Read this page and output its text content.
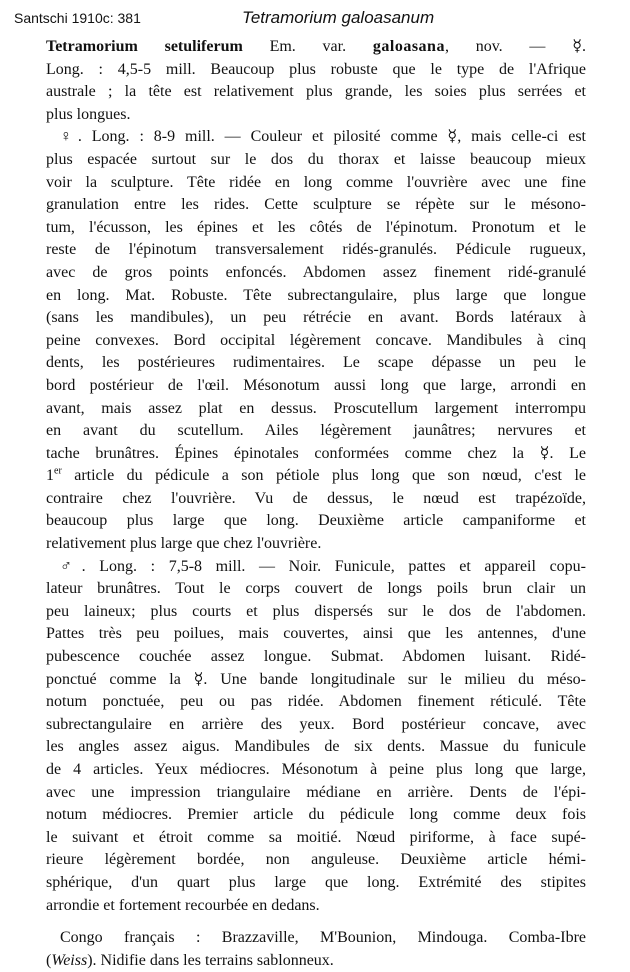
Santschi 1910c: 381	Tetramorium galoasanum
Tetramorium setuliferum Em. var. galoasana, nov. — ☿.
Long. : 4,5-5 mill. Beaucoup plus robuste que le type de l'Afrique
australe ; la tête est relativement plus grande, les soies plus serrées et
plus longues.
♀. Long. : 8-9 mill. — Couleur et pilosité comme ☿, mais celle-ci est
plus espacée surtout sur le dos du thorax et laisse beaucoup mieux
voir la sculpture. Tête ridée en long comme l'ouvrière avec une fine
granulation entre les rides. Cette sculpture se répète sur le mésono-
tum, l'écusson, les épines et les côtés de l'épinotum. Pronotum et le
reste de l'épinotum transversalement ridés-granulés. Pédicule rugueux,
avec de gros points enfoncés. Abdomen assez finement ridé-granulé
en long. Mat. Robuste. Tête subrectangulaire, plus large que longue
(sans les mandibules), un peu rétrécie en avant. Bords latéraux à
peine convexes. Bord occipital légèrement concave. Mandibules à cinq
dents, les postérieures rudimentaires. Le scape dépasse un peu le
bord postérieur de l'œil. Mésonotum aussi long que large, arrondi en
avant, mais assez plat en dessus. Proscutellum largement interrompu
en avant du scutellum. Ailes légèrement jaunâtres; nervures et
tache brunâtres. Épines épinotales conformées comme chez la ☿. Le
1er article du pédicule a son pétiole plus long que son nœud, c'est le
contraire chez l'ouvrière. Vu de dessus, le nœud est trapézoïde,
beaucoup plus large que long. Deuxième article campaniforme et
relativement plus large que chez l'ouvrière.
♂. Long. : 7,5-8 mill. — Noir. Funicule, pattes et appareil copu-
lateur brunâtres. Tout le corps couvert de longs poils brun clair un
peu laineux; plus courts et plus dispersés sur le dos de l'abdomen.
Pattes très peu poilues, mais couvertes, ainsi que les antennes, d'une
pubescence couchée assez longue. Submat. Abdomen luisant. Ridé-
ponctué comme la ☿. Une bande longitudinale sur le milieu du méso-
notum ponctuée, peu ou pas ridée. Abdomen finement réticulé. Tête
subrectangulaire en arrière des yeux. Bord postérieur concave, avec
les angles assez aigus. Mandibules de six dents. Massue du funicule
de 4 articles. Yeux médiocres. Mésonotum à peine plus long que large,
avec une impression triangulaire médiane en arrière. Dents de l'épi-
notum médiocres. Premier article du pédicule long comme deux fois
le suivant et étroit comme sa moitié. Nœud piriforme, à face supé-
rieure légèrement bordée, non anguleuse. Deuxième article hémi-
sphérique, d'un quart plus large que long. Extrémité des stipites
arrondie et fortement recourbée en dedans.
Congo français : Brazzaville, M'Bounion, Mindouga. Comba-Ibre
(Weiss). Nidifie dans les terrains sablonneux.
